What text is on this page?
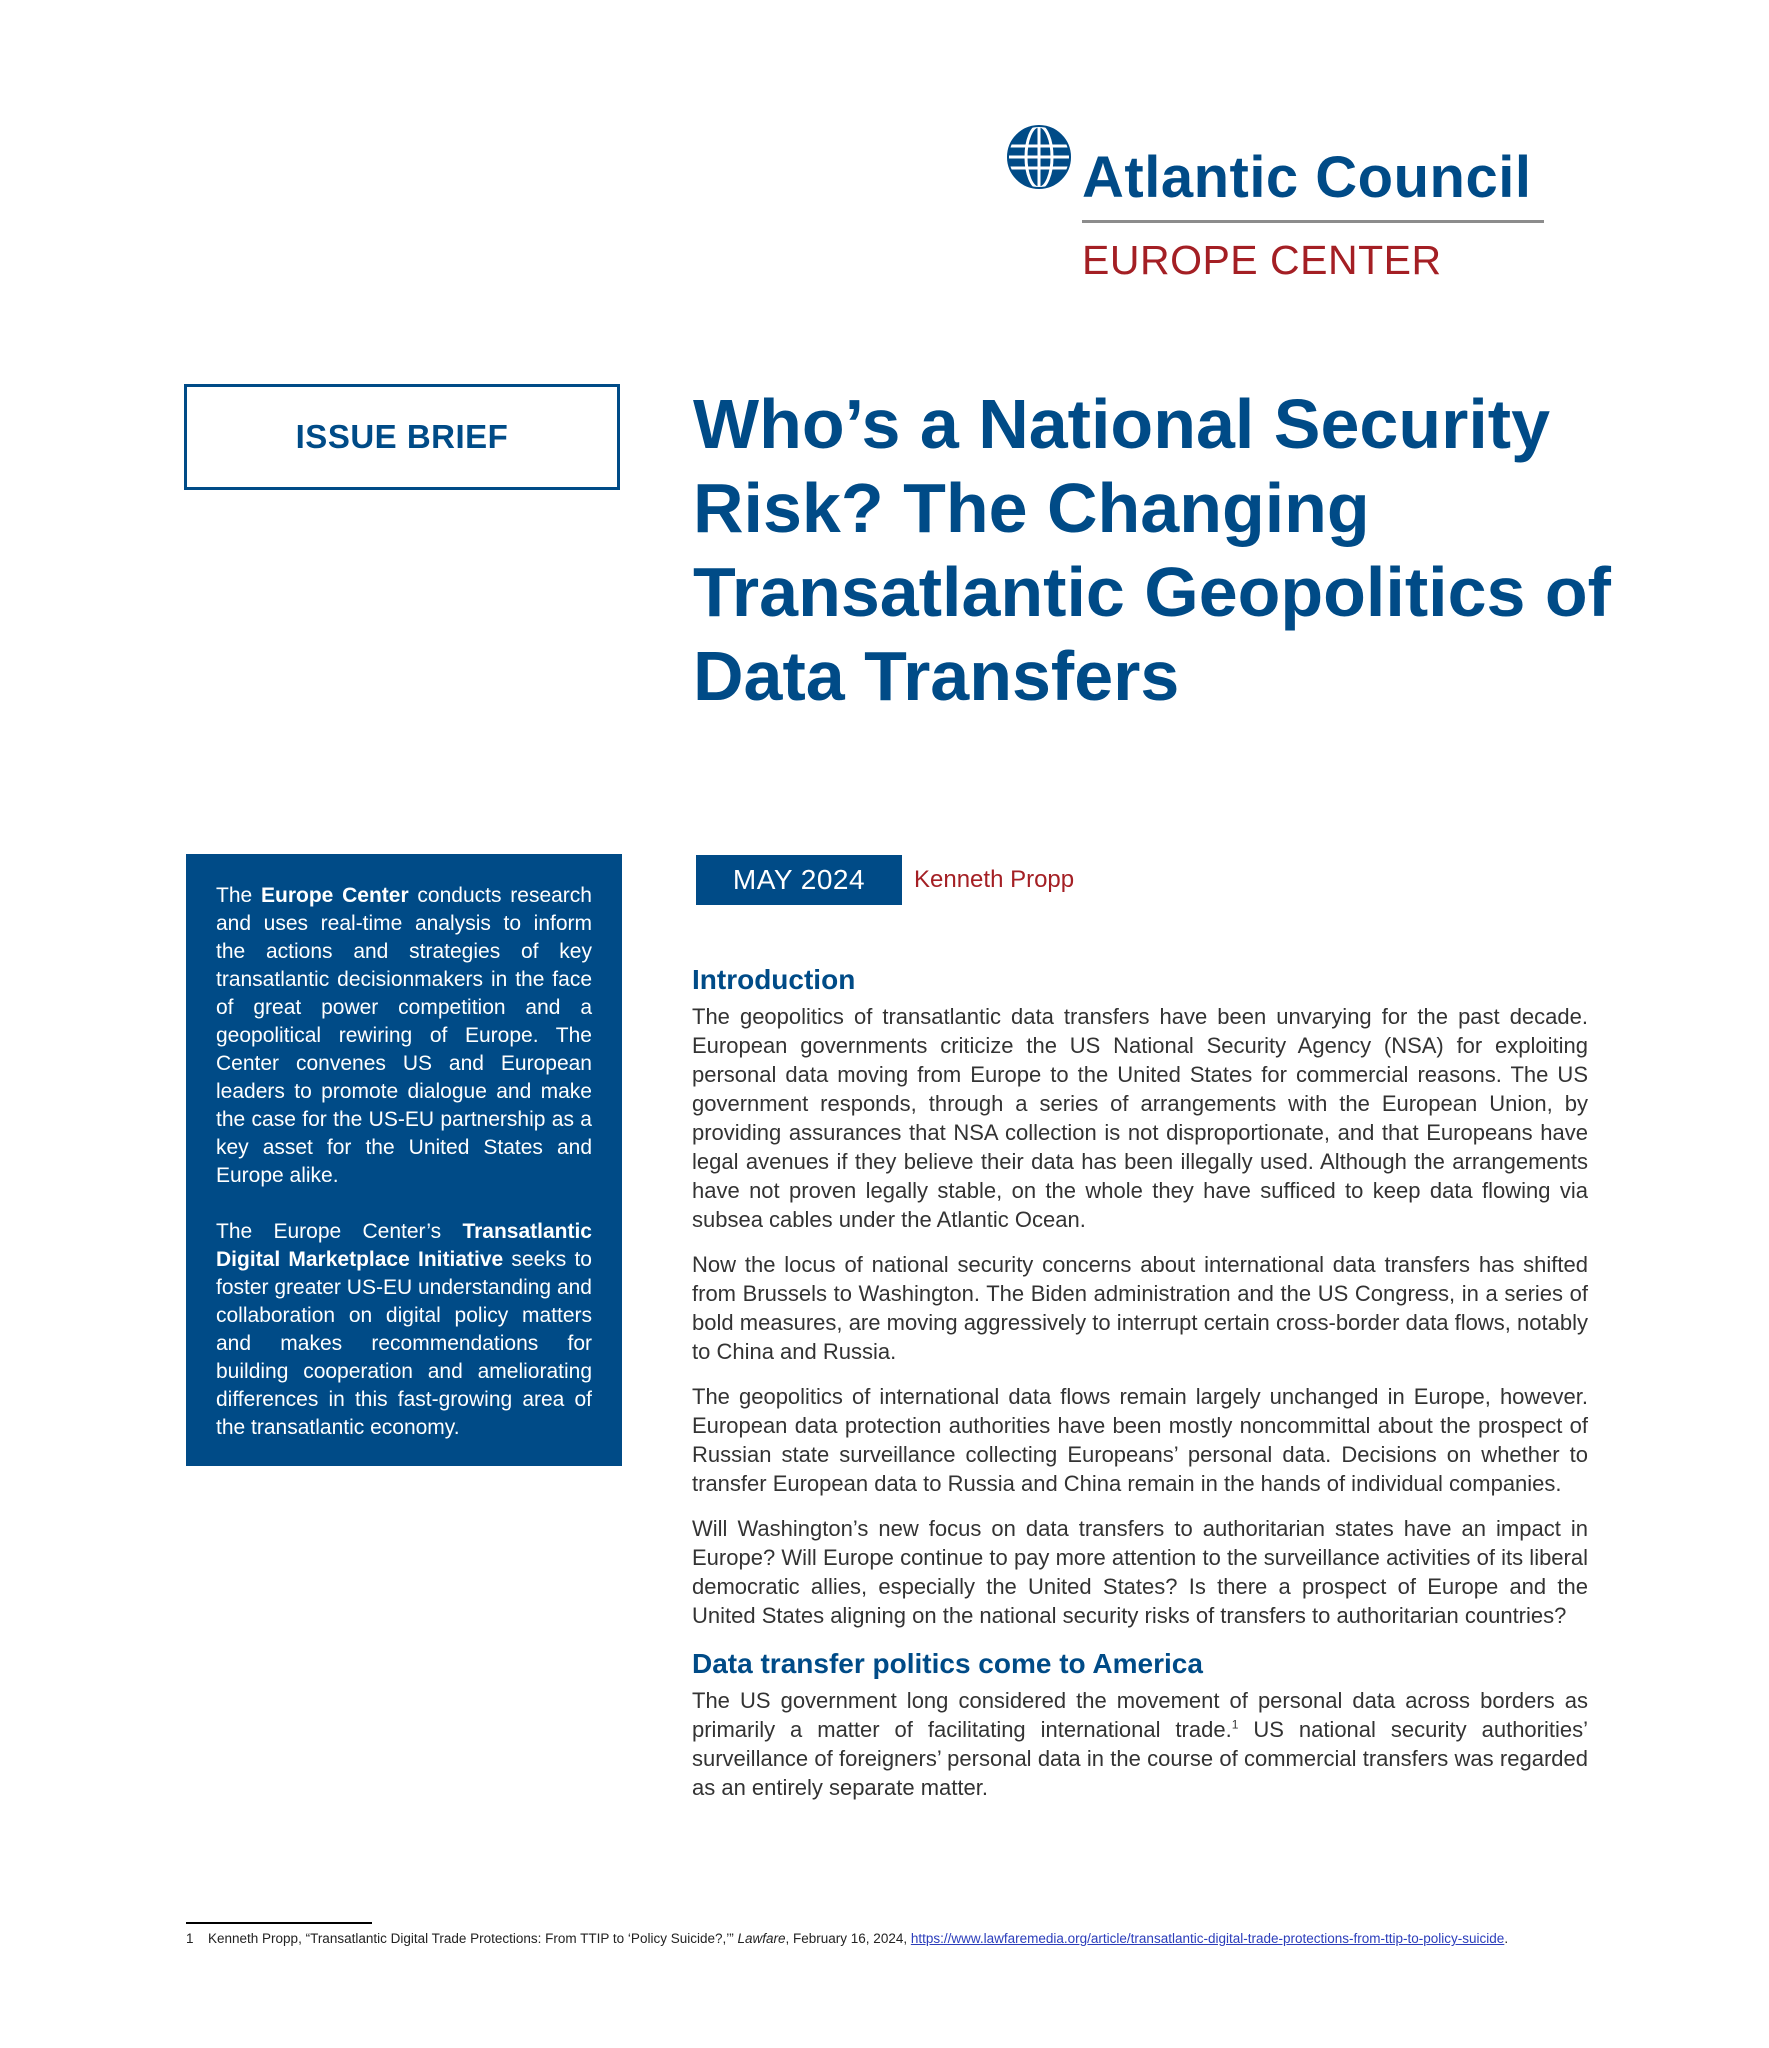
Atlantic Council
EUROPE CENTER
ISSUE BRIEF	Who’s a National Security Risk? The Changing Transatlantic Geopolitics of Data Transfers

The Europe Center conducts research and uses real-time analysis to inform the actions and strategies of key transatlantic decisionmakers in the face of great power competition and a geopolitical rewiring of Europe. The Center convenes US and European leaders to promote dialogue and make the case for the US-EU partnership as a key asset for the United States and Europe alike.

The Europe Center’s Transatlantic Digital Marketplace Initiative seeks to foster greater US-EU understanding and collaboration on digital policy matters and makes recommendations for building cooperation and ameliorating differences in this fast-growing area of the transatlantic economy.

MAY 2024	Kenneth Propp
Introduction

The geopolitics of transatlantic data transfers have been unvarying for the past decade. European governments criticize the US National Security Agency (NSA) for exploiting personal data moving from Europe to the United States for commercial reasons. The US government responds, through a series of arrangements with the European Union, by providing assurances that NSA collection is not disproportionate, and that Europeans have legal avenues if they believe their data has been illegally used. Although the arrangements have not proven legally stable, on the whole they have sufficed to keep data flowing via subsea cables under the Atlantic Ocean.

Now the locus of national security concerns about international data transfers has shifted from Brussels to Washington. The Biden administration and the US Congress, in a series of bold measures, are moving aggressively to interrupt certain cross-border data flows, notably to China and Russia.

The geopolitics of international data flows remain largely unchanged in Europe, however. European data protection authorities have been mostly noncommittal about the prospect of Russian state surveillance collecting Europeans’ personal data. Decisions on whether to transfer European data to Russia and China remain in the hands of individual companies.

Will Washington’s new focus on data transfers to authoritarian states have an impact in Europe? Will Europe continue to pay more attention to the surveillance activities of its liberal democratic allies, especially the United States? Is there a prospect of Europe and the United States aligning on the national security risks of transfers to authoritarian countries?

Data transfer politics come to America

The US government long considered the movement of personal data across borders as primarily a matter of facilitating international trade.$^1$ US national security authorities’ surveillance of foreigners’ personal data in the course of commercial transfers was regarded as an entirely separate matter.

1 Kenneth Propp, “Transatlantic Digital Trade Protections: From TTIP to ‘Policy Suicide?,’” Lawfare, February 16, 2024, https://www.lawfaremedia.org/article/transatlantic-digital-trade-protections-from-ttip-to-policy-suicide.
